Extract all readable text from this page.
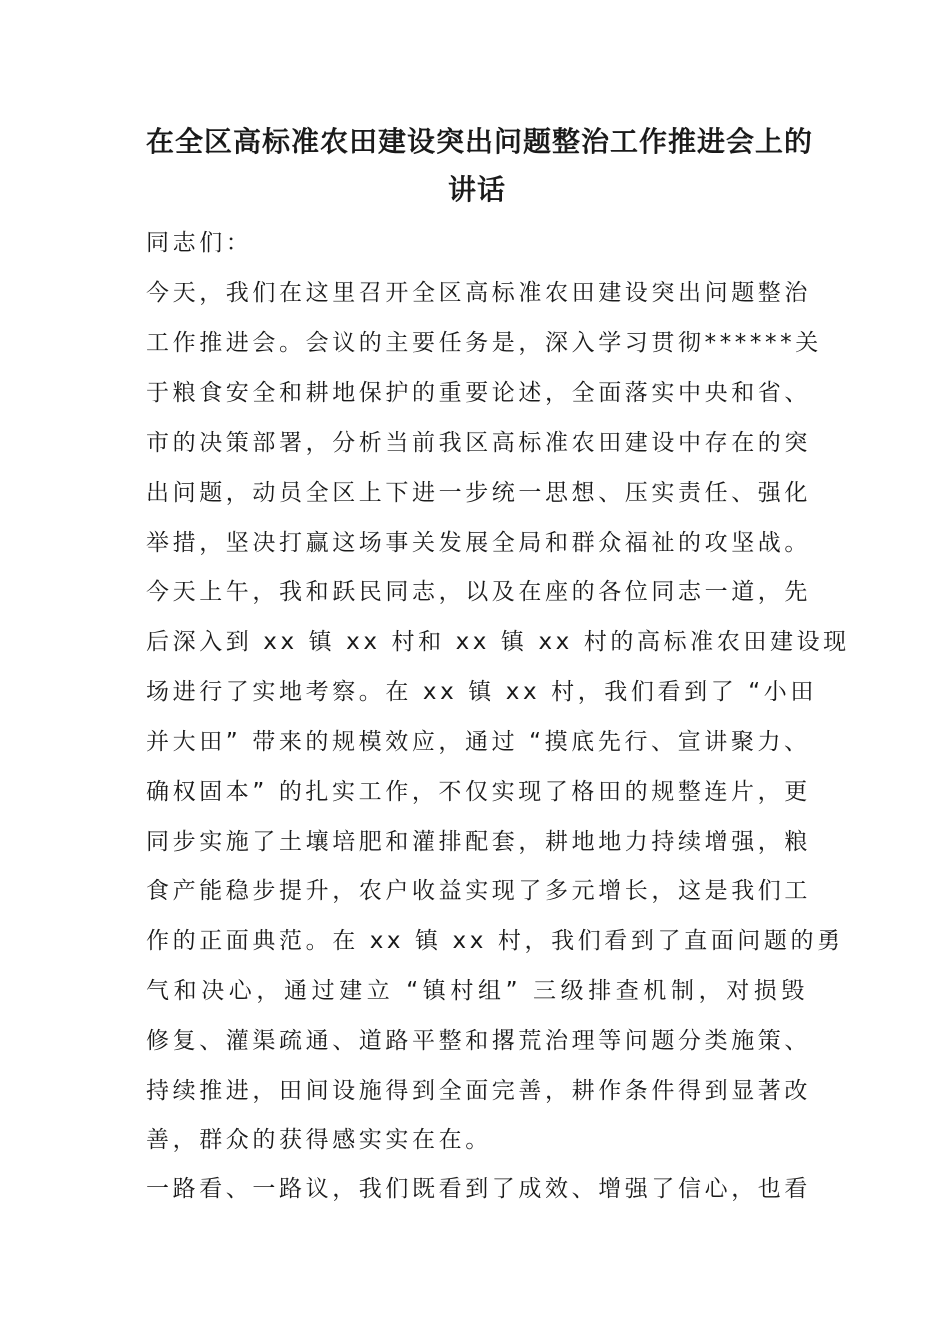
在全区高标准农田建设突出问题整治工作推进会上的
讲话

同志们：

今天，我们在这里召开全区高标准农田建设突出问题整治

工作推进会。会议的主要任务是，深入学习贯彻******关

于粮食安全和耕地保护的重要论述，全面落实中央和省、

市的决策部署，分析当前我区高标准农田建设中存在的突

出问题，动员全区上下进一步统一思想、压实责任、强化

举措，坚决打赢这场事关发展全局和群众福祉的攻坚战。

今天上午，我和跃民同志，以及在座的各位同志一道，先

后深入到 xx 镇 xx 村和 xx 镇 xx 村的高标准农田建设现

场进行了实地考察。在 xx 镇 xx 村，我们看到了 “小田

并大田” 带来的规模效应，通过 “摸底先行、宣讲聚力、

确权固本” 的扎实工作，不仅实现了格田的规整连片，更

同步实施了土壤培肥和灌排配套，耕地地力持续增强，粮

食产能稳步提升，农户收益实现了多元增长，这是我们工

作的正面典范。在 xx 镇 xx 村，我们看到了直面问题的勇

气和决心，通过建立 “镇村组” 三级排查机制，对损毁

修复、灌渠疏通、道路平整和撂荒治理等问题分类施策、

持续推进，田间设施得到全面完善，耕作条件得到显著改

善，群众的获得感实实在在。

一路看、一路议，我们既看到了成效、增强了信心，也看
